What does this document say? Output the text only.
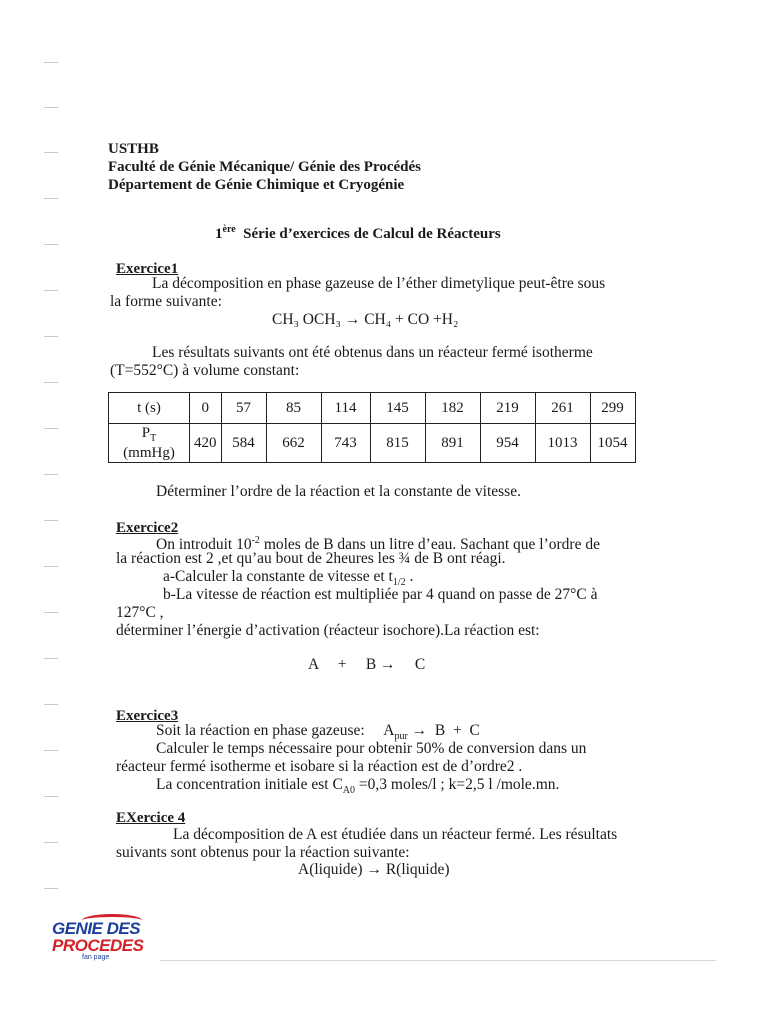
USTHB
Faculté de Génie Mécanique/ Génie des Procédés
Département de Génie Chimique et Cryogénie
1ère Série d’exercices de Calcul de Réacteurs
Exercice1
La décomposition en phase gazeuse de l’éther dimetylique peut-être sous
la forme suivante:
CH₃ OCH₃ → CH₄ + CO +H₂
Les résultats suivants ont été obtenus dans un réacteur fermé isotherme
(T=552°C) à volume constant:
t (s)	0	57	85	114	145	182	219	261	299
$P_T$
(mmHg)	420	584	662	743	815	891	954	1013	1054
Déterminer l’ordre de la réaction et la constante de vitesse.
Exercice2
On introduit $10^{-2}$ moles de B dans un litre d’eau. Sachant que l’ordre de
la réaction est 2 ,et qu’au bout de 2heures les ¾ de B ont réagi.
a-Calculer la constante de vitesse et $t_{1/2}$ .
b-La vitesse de réaction est multipliée par 4 quand on passe de 27°C à
127°C ,
déterminer l’énergie d’activation (réacteur isochore).La réaction est:
A     +     B →     C
Exercice3
Soit la réaction en phase gazeuse:     $A_{pur} \to B + C$
Calculer le temps nécessaire pour obtenir 50% de conversion dans un
réacteur fermé isotherme et isobare si la réaction est de d’ordre2 .
La concentration initiale est $C_{A0} =0,3$ moles/l ; k=2,5 l /mole.mn.
EXercice 4
La décomposition de A est étudiée dans un réacteur fermé. Les résultats
suivants sont obtenus pour la réaction suivante:
A(liquide) → R(liquide)
GENIE DES
PROCEDES
fan page
